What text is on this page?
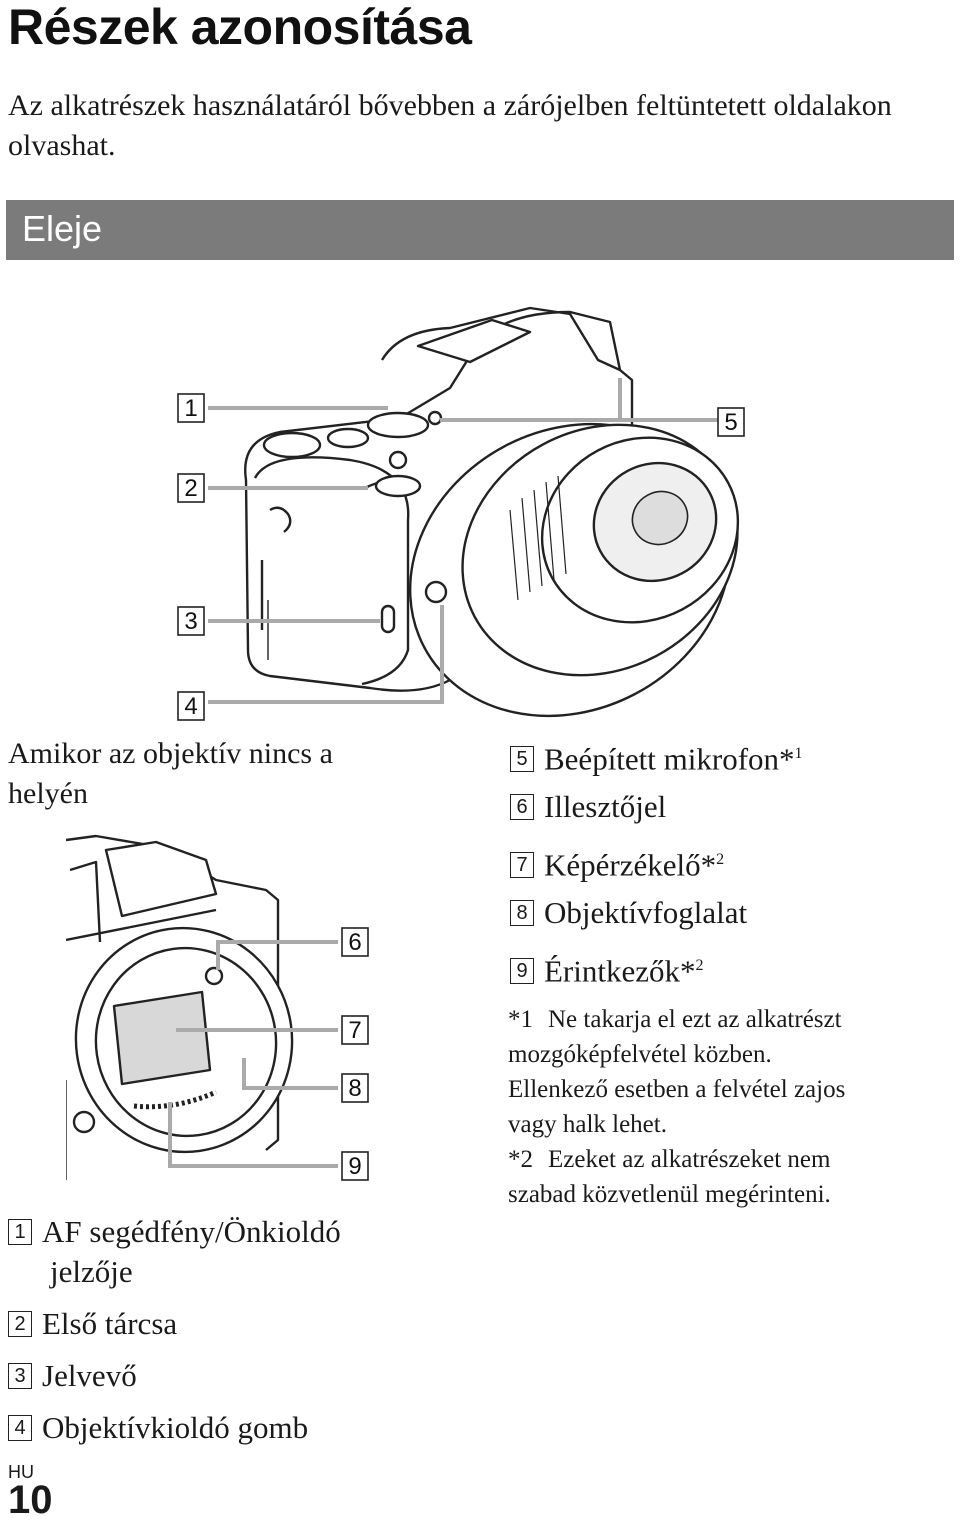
Részek azonosítása
Az alkatrészek használatáról bővebben a zárójelben feltüntetett oldalakon olvashat.
Eleje
1
2
3
4
5
Amikor az objektív nincs a helyén
6
7
8
9
1 AF segédfény/Önkioldó
jelzője
2 Első tárcsa
3 Jelvevő
4 Objektívkioldó gomb
5 Beépített mikrofon*$^1$
6 Illesztőjel
7 Képérzékelő*$^2$
8 Objektívfoglalat
9 Érintkezők*$^2$
*1 Ne takarja el ezt az alkatrészt
mozgóképfelvétel közben.
Ellenkező esetben a felvétel zajos
vagy halk lehet.
*2 Ezeket az alkatrészeket nem
szabad közvetlenül megérinteni.
HU
10
